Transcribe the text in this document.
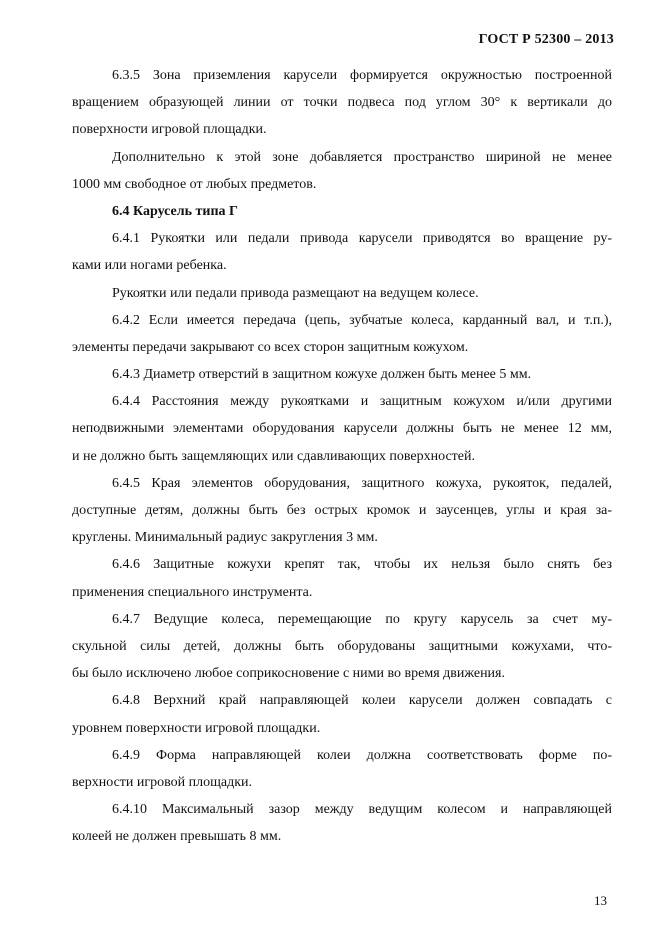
ГОСТ Р 52300 – 2013
6.3.5 Зона приземления карусели формируется окружностью построенной
вращением образующей линии от точки подвеса под углом 30° к вертикали до
поверхности игровой площадки.
Дополнительно к этой зоне добавляется пространство шириной не менее
1000 мм свободное от любых предметов.
6.4 Карусель типа Г
6.4.1 Рукоятки или педали привода карусели приводятся во вращение ру-
ками или ногами ребенка.
Рукоятки или педали привода размещают на ведущем колесе.
6.4.2 Если имеется передача (цепь, зубчатые колеса, карданный вал, и т.п.),
элементы передачи закрывают со всех сторон защитным кожухом.
6.4.3 Диаметр отверстий в защитном кожухе должен быть менее 5 мм.
6.4.4 Расстояния между рукоятками и защитным кожухом и/или другими
неподвижными элементами оборудования карусели должны быть не менее 12 мм,
и не должно быть защемляющих или сдавливающих поверхностей.
6.4.5 Края элементов оборудования, защитного кожуха, рукояток, педалей,
доступные детям, должны быть без острых кромок и заусенцев, углы и края за-
круглены. Минимальный радиус закругления 3 мм.
6.4.6 Защитные кожухи крепят так, чтобы их нельзя было снять без
применения специального инструмента.
6.4.7 Ведущие колеса, перемещающие по кругу карусель за счет му-
скульной силы детей, должны быть оборудованы защитными кожухами, что-
бы было исключено любое соприкосновение с ними во время движения.
6.4.8 Верхний край направляющей колеи карусели должен совпадать с
уровнем поверхности игровой площадки.
6.4.9 Форма направляющей колеи должна соответствовать форме по-
верхности игровой площадки.
6.4.10 Максимальный зазор между ведущим колесом и направляющей
колеей не должен превышать 8 мм.
13
